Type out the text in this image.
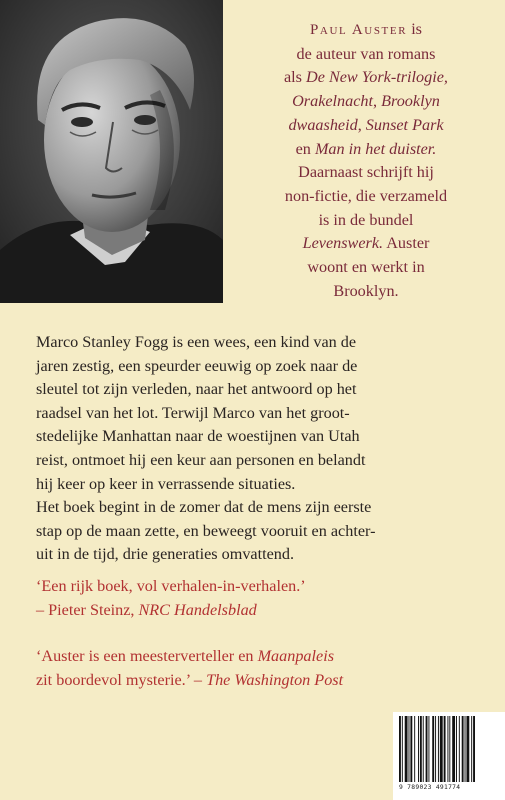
Paul Auster is
de auteur van romans
als De New York-trilogie,
Orakelnacht, Brooklyn
dwaasheid, Sunset Park
en Man in het duister.
Daarnaast schrijft hij
non-fictie, die verzameld
is in de bundel
Levenswerk. Auster
woont en werkt in
Brooklyn.
Marco Stanley Fogg is een wees, een kind van de
jaren zestig, een speurder eeuwig op zoek naar de
sleutel tot zijn verleden, naar het antwoord op het
raadsel van het lot. Terwijl Marco van het groot-
stedelijke Manhattan naar de woestijnen van Utah
reist, ontmoet hij een keur aan personen en belandt
hij keer op keer in verrassende situaties.
Het boek begint in de zomer dat de mens zijn eerste
stap op de maan zette, en beweegt vooruit en achter-
uit in de tijd, drie generaties omvattend.
‘Een rijk boek, vol verhalen-in-verhalen.’
– Pieter Steinz, NRC Handelsblad
‘Auster is een meesterverteller en Maanpaleis
zit boordevol mysterie.’ – The Washington Post
9 789023 491774
